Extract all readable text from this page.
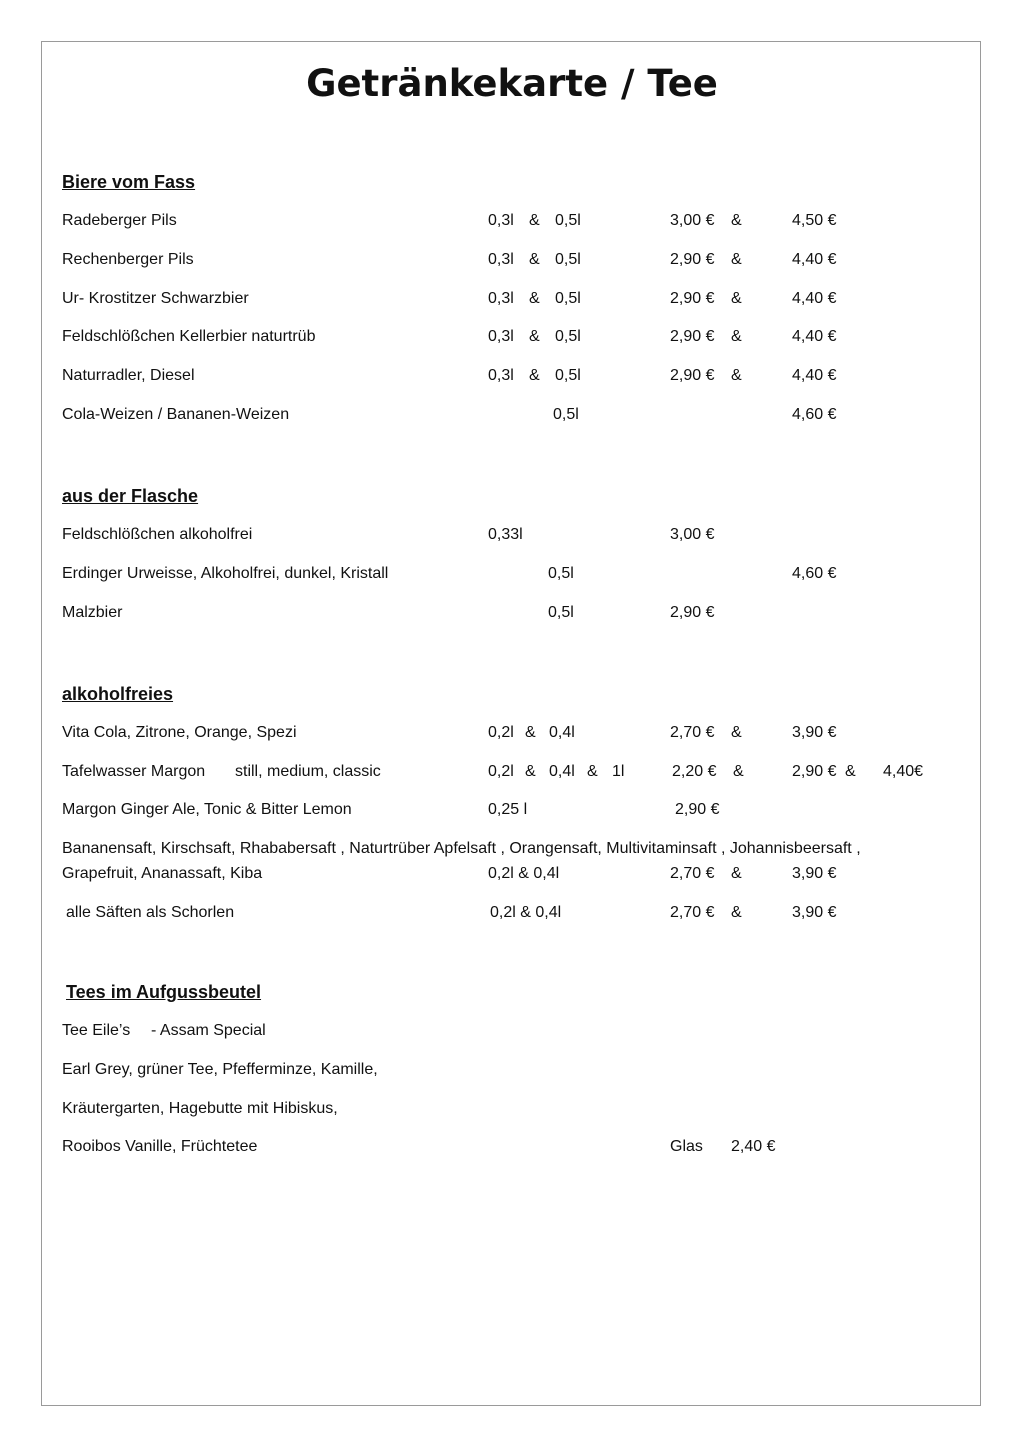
Getränkekarte / Tee
Biere vom Fass
Radeberger Pils	0,3l & 0,5l	3,00 € &	4,50 €
Rechenberger Pils	0,3l & 0,5l	2,90 € &	4,40 €
Ur- Krostitzer Schwarzbier	0,3l & 0,5l	2,90 € &	4,40 €
Feldschlößchen Kellerbier naturtrüb	0,3l & 0,5l	2,90 € &	4,40 €
Naturradler, Diesel	0,3l & 0,5l	2,90 € &	4,40 €
Cola-Weizen / Bananen-Weizen	0,5l	4,60 €
aus der Flasche
Feldschlößchen alkoholfrei	0,33l	3,00 €
Erdinger Urweisse, Alkoholfrei, dunkel, Kristall	0,5l	4,60 €
Malzbier	0,5l	2,90 €
alkoholfreies
Vita Cola, Zitrone, Orange, Spezi	0,2l & 0,4l	2,70 € &	3,90 €
Tafelwasser Margon still, medium, classic	0,2l & 0,4l & 1l	2,20 € &	2,90 € & 4,40€
Margon Ginger Ale, Tonic & Bitter Lemon	0,25 l	2,90 €
Bananensaft, Kirschsaft, Rhababersaft , Naturtrüber Apfelsaft , Orangensaft, Multivitaminsaft , Johannisbeersaft ,
Grapefruit, Ananassaft, Kiba	0,2l & 0,4l	2,70 € &	3,90 €
alle Säften als Schorlen	0,2l & 0,4l	2,70 € &	3,90 €
Tees im Aufgussbeutel
Tee Eile’s - Assam Special
Earl Grey, grüner Tee, Pfefferminze, Kamille,
Kräutergarten, Hagebutte mit Hibiskus,
Rooibos Vanille, Früchtetee	Glas 2,40 €
